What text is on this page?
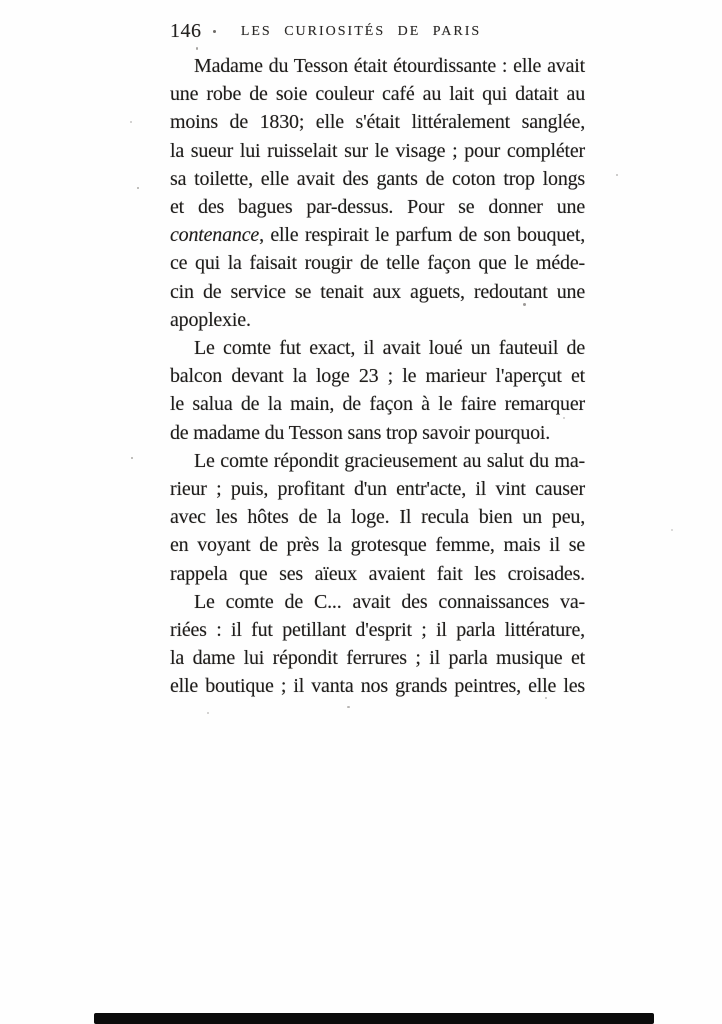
146	LES CURIOSITÉS DE PARIS
Madame du Tesson était étourdissante : elle avait
une robe de soie couleur café au lait qui datait au
moins de 1830; elle s'était littéralement sanglée,
la sueur lui ruisselait sur le visage ; pour compléter
sa toilette, elle avait des gants de coton trop longs
et des bagues par-dessus. Pour se donner une
contenance, elle respirait le parfum de son bouquet,
ce qui la faisait rougir de telle façon que le méde-
cin de service se tenait aux aguets, redoutant une
apoplexie.
Le comte fut exact, il avait loué un fauteuil de
balcon devant la loge 23 ; le marieur l'aperçut et
le salua de la main, de façon à le faire remarquer
de madame du Tesson sans trop savoir pourquoi.
Le comte répondit gracieusement au salut du ma-
rieur ; puis, profitant d'un entr'acte, il vint causer
avec les hôtes de la loge. Il recula bien un peu,
en voyant de près la grotesque femme, mais il se
rappela que ses aïeux avaient fait les croisades.
Le comte de C... avait des connaissances va-
riées : il fut petillant d'esprit ; il parla littérature,
la dame lui répondit ferrures ; il parla musique et
elle boutique ; il vanta nos grands peintres, elle les
